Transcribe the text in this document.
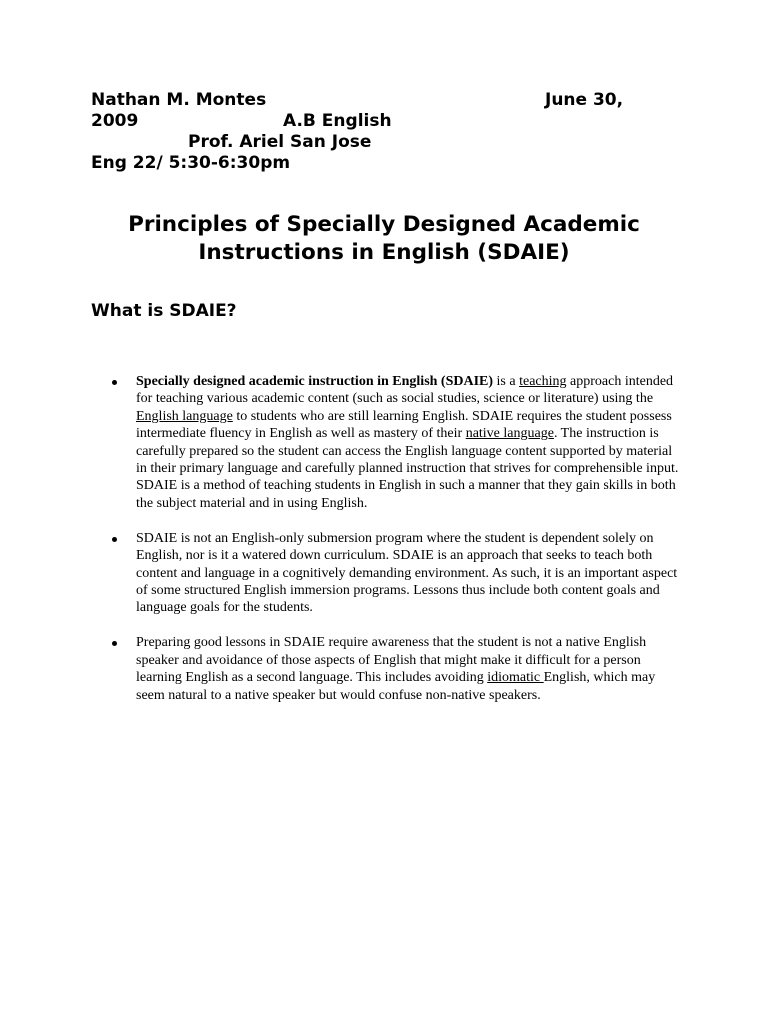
Nathan M. Montes	June 30,
2009	A.B English
Prof. Ariel San Jose
Eng 22/ 5:30-6:30pm
Principles of Specially Designed Academic
Instructions in English (SDAIE)
What is SDAIE?
Specially designed academic instruction in English (SDAIE) is a teaching approach intended for teaching various academic content (such as social studies, science or literature) using the English language to students who are still learning English. SDAIE requires the student possess intermediate fluency in English as well as mastery of their native language. The instruction is carefully prepared so the student can access the English language content supported by material in their primary language and carefully planned instruction that strives for comprehensible input. SDAIE is a method of teaching students in English in such a manner that they gain skills in both the subject material and in using English.
SDAIE is not an English-only submersion program where the student is dependent solely on English, nor is it a watered down curriculum. SDAIE is an approach that seeks to teach both content and language in a cognitively demanding environment. As such, it is an important aspect of some structured English immersion programs. Lessons thus include both content goals and language goals for the students.
Preparing good lessons in SDAIE require awareness that the student is not a native English speaker and avoidance of those aspects of English that might make it difficult for a person learning English as a second language. This includes avoiding idiomatic English, which may seem natural to a native speaker but would confuse non-native speakers.
